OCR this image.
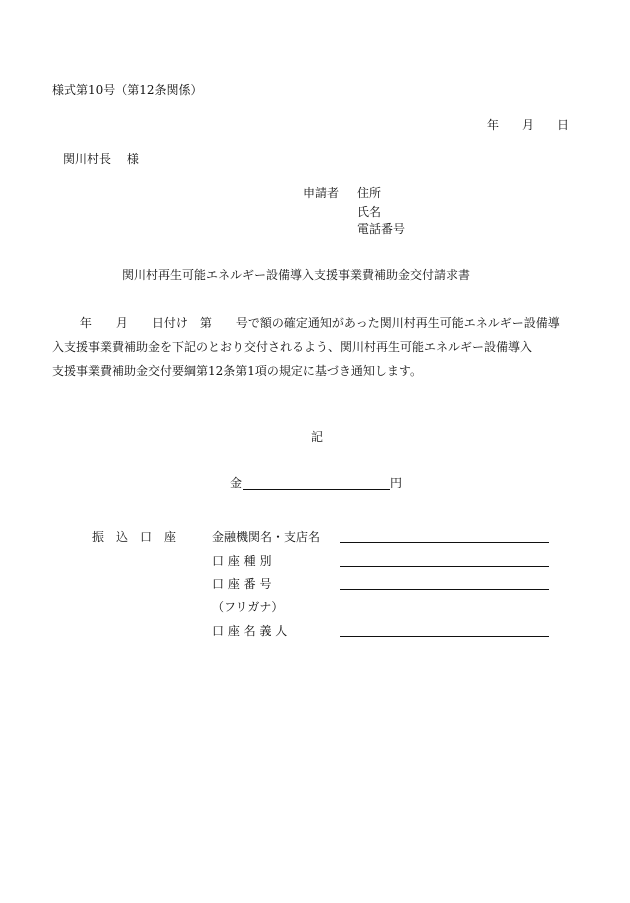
様式第10号（第12条関係）
年 月 日
関川村長　 様
申請者 住所
氏名
電話番号
関川村再生可能エネルギー設備導入支援事業費補助金交付請求書
　　 年　　月　　日付け　第　　号で額の確定通知があった関川村再生可能エネルギー設備導
入支援事業費補助金を下記のとおり交付されるよう、関川村再生可能エネルギー設備導入
支援事業費補助金交付要綱第12条第1項の規定に基づき通知します。
記
金	円
振　込　口　座	金融機関名・支店名
口 座 種 別
口 座 番 号
（フリガナ）
口 座 名 義 人
